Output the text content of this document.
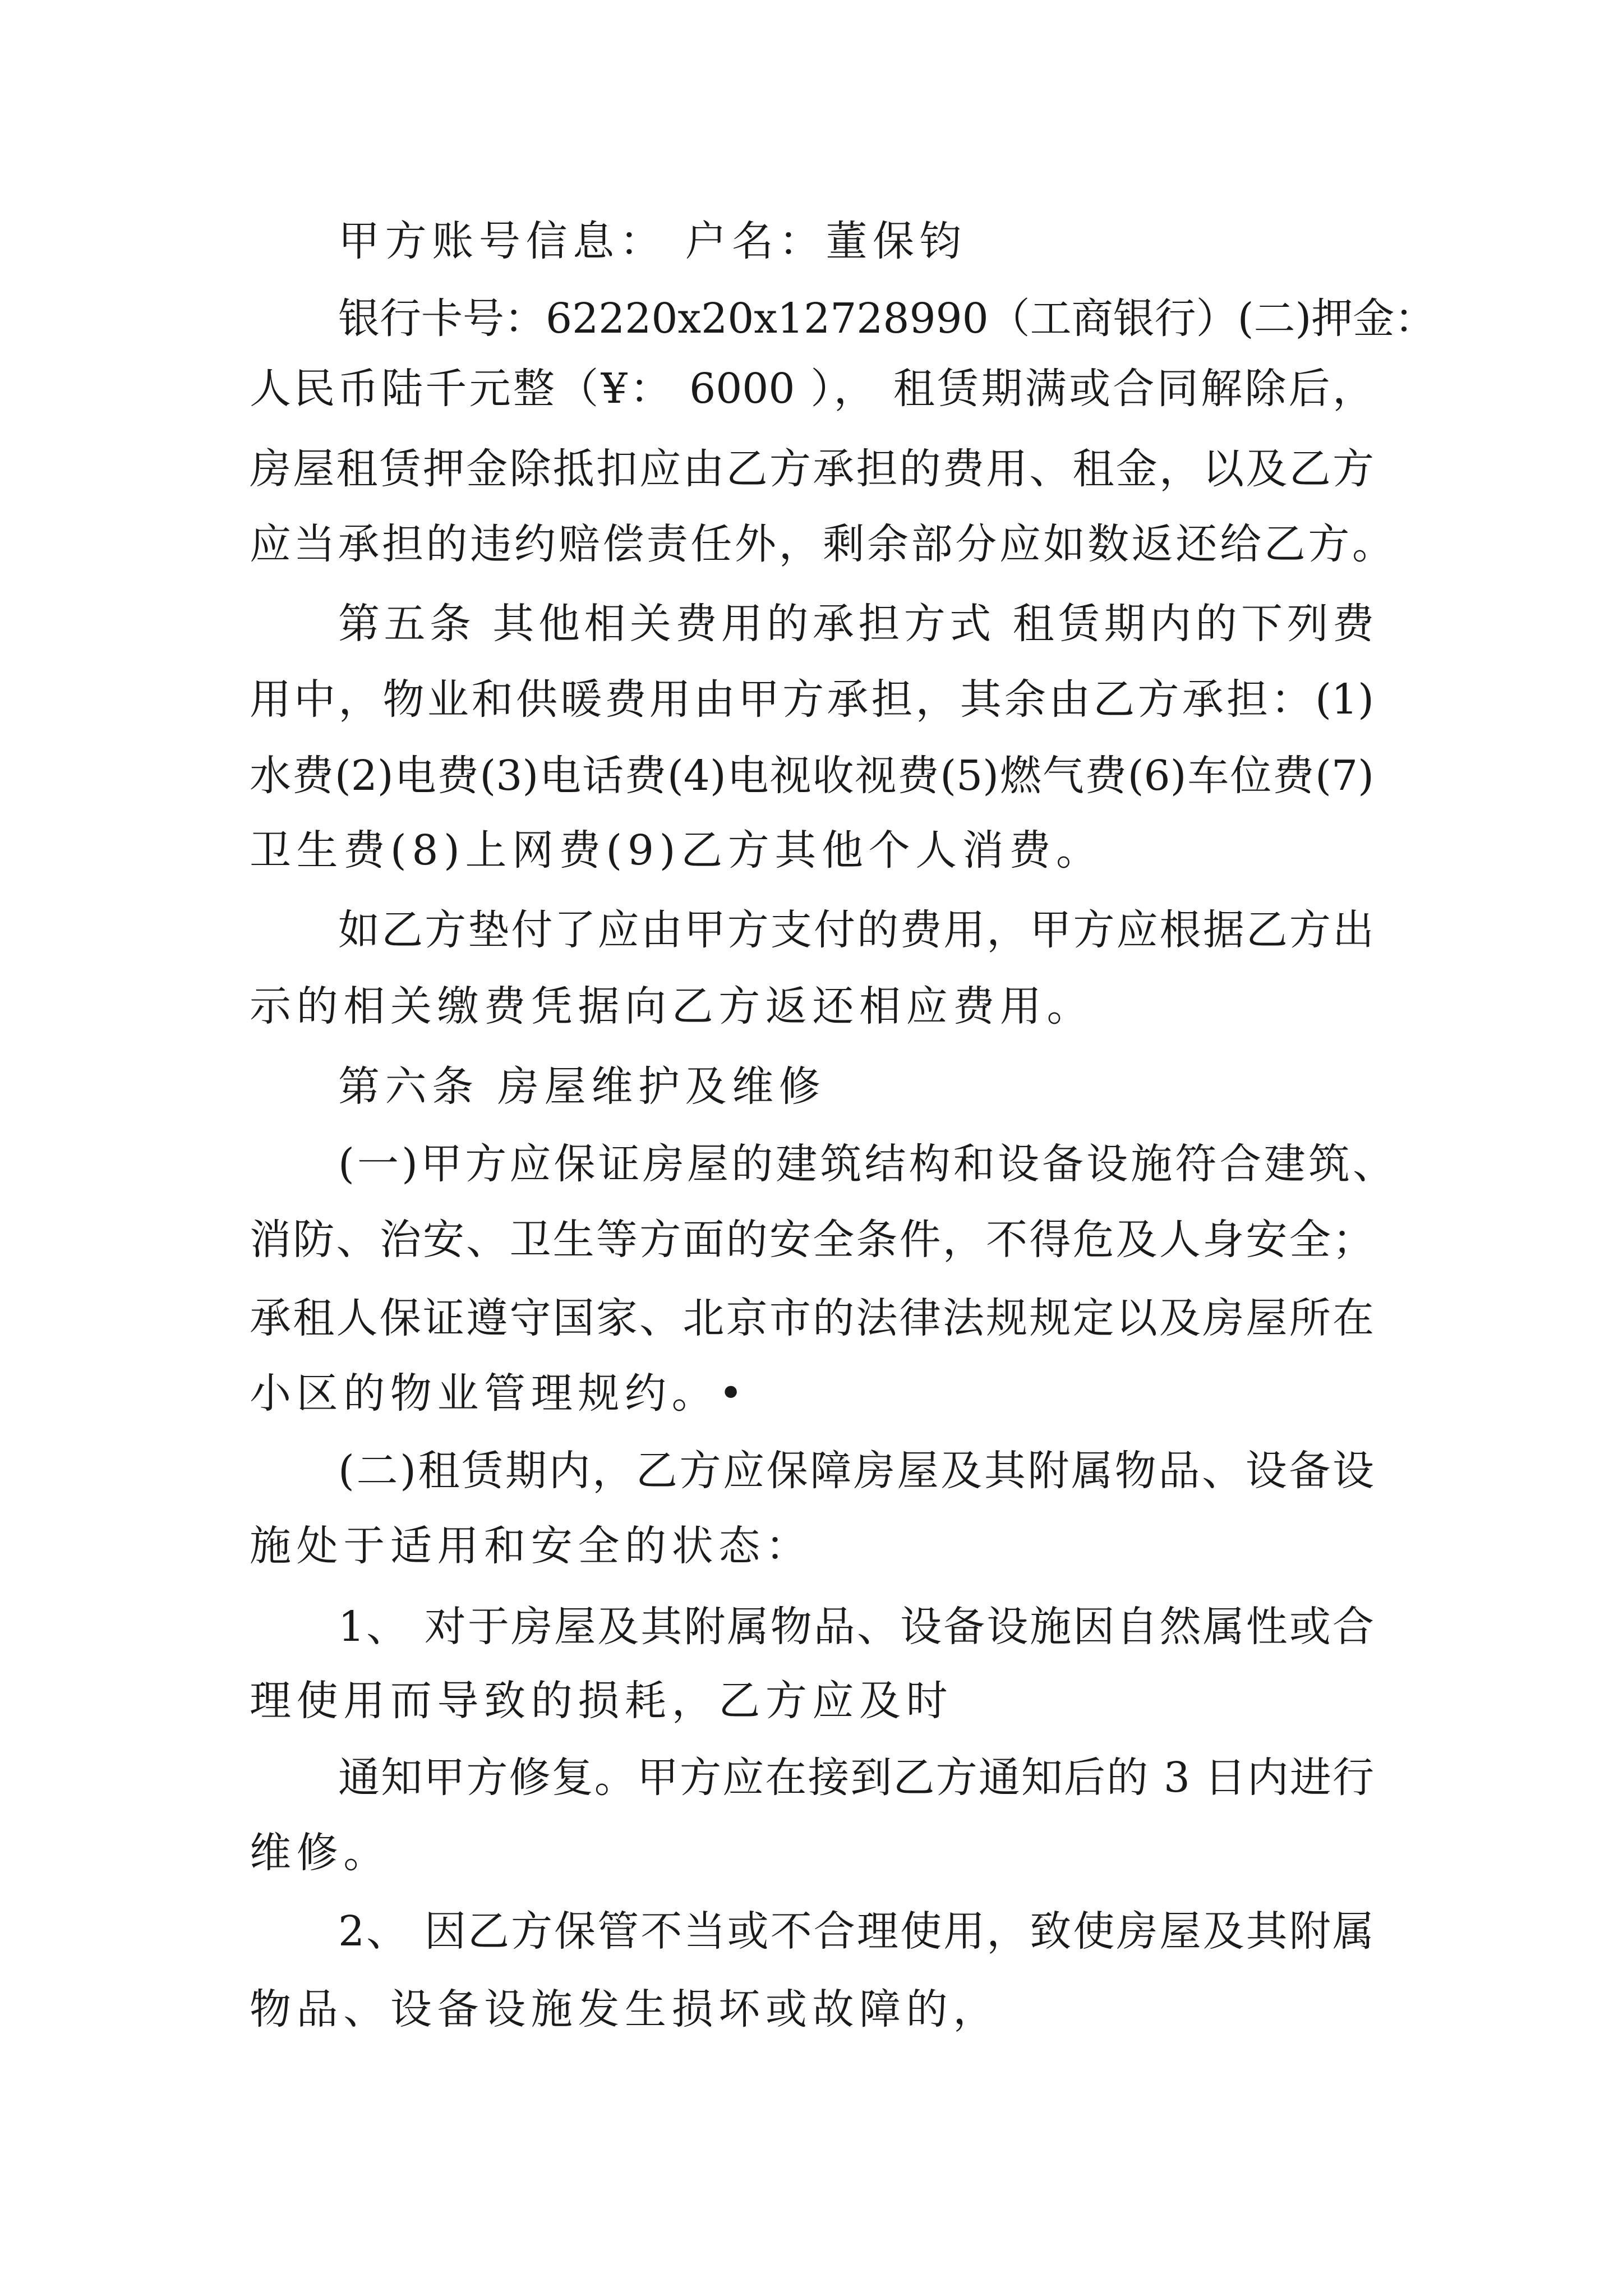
甲方账号信息： 户名：董保钧
银行卡号：62220x20x12728990（工商银行）(二)押金：
人民币陆千元整（¥： 6000 ）， 租赁期满或合同解除后，
房屋租赁押金除抵扣应由乙方承担的费用、租金，以及乙方
应当承担的违约赔偿责任外，剩余部分应如数返还给乙方。
第五条 其他相关费用的承担方式 租赁期内的下列费
用中，物业和供暖费用由甲方承担，其余由乙方承担：(1)
水费(2)电费(3)电话费(4)电视收视费(5)燃气费(6)车位费(7)
卫生费(8)上网费(9)乙方其他个人消费。
如乙方垫付了应由甲方支付的费用，甲方应根据乙方出
示的相关缴费凭据向乙方返还相应费用。
第六条 房屋维护及维修
(一)甲方应保证房屋的建筑结构和设备设施符合建筑、
消防、治安、卫生等方面的安全条件，不得危及人身安全；
承租人保证遵守国家、北京市的法律法规规定以及房屋所在
小区的物业管理规约。•
(二)租赁期内，乙方应保障房屋及其附属物品、设备设
施处于适用和安全的状态：
1、 对于房屋及其附属物品、设备设施因自然属性或合
理使用而导致的损耗，乙方应及时
通知甲方修复。甲方应在接到乙方通知后的 3 日内进行
维修。
2、 因乙方保管不当或不合理使用，致使房屋及其附属
物品、设备设施发生损坏或故障的，
